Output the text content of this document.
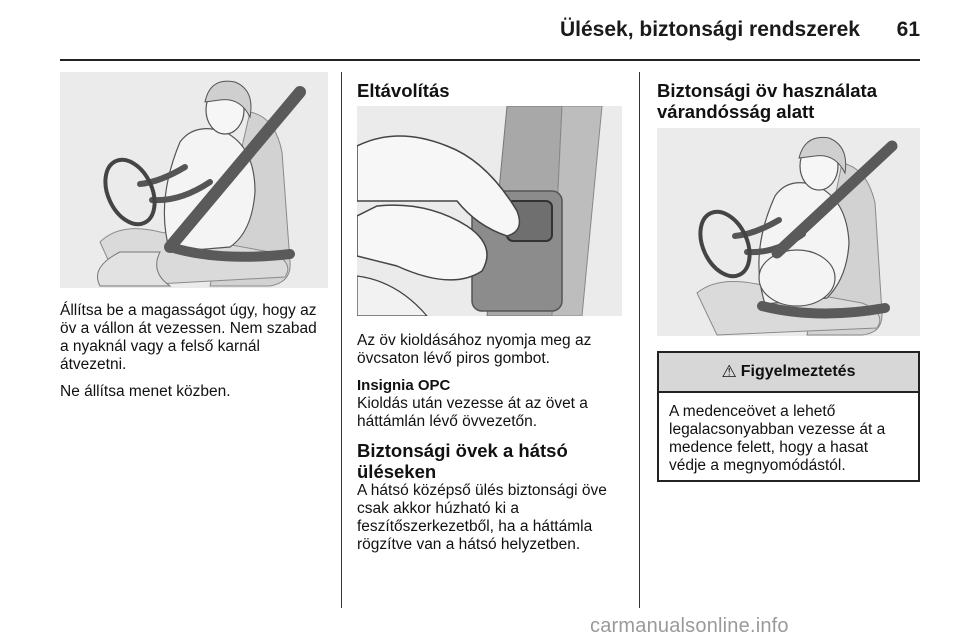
Ülések, biztonsági rendszerek	61

Állítsa be a magasságot úgy, hogy az öv a vállon át vezessen. Nem szabad a nyaknál vagy a felső karnál átvezetni.

Ne állítsa menet közben.

Eltávolítás

Az öv kioldásához nyomja meg az övcsaton lévő piros gombot.

Insignia OPC

Kioldás után vezesse át az övet a háttámlán lévő övvezetőn.

Biztonsági övek a hátsó üléseken

A hátsó középső ülés biztonsági öve csak akkor húzható ki a feszítőszerkezetből, ha a háttámla rögzítve van a hátsó helyzetben.

Biztonsági öv használata várandósság alatt
⚠ Figyelmeztetés
A medenceövet a lehető legalacsonyabban vezesse át a medence felett, hogy a hasat védje a megnyomódástól.
carmanualsonline.info
